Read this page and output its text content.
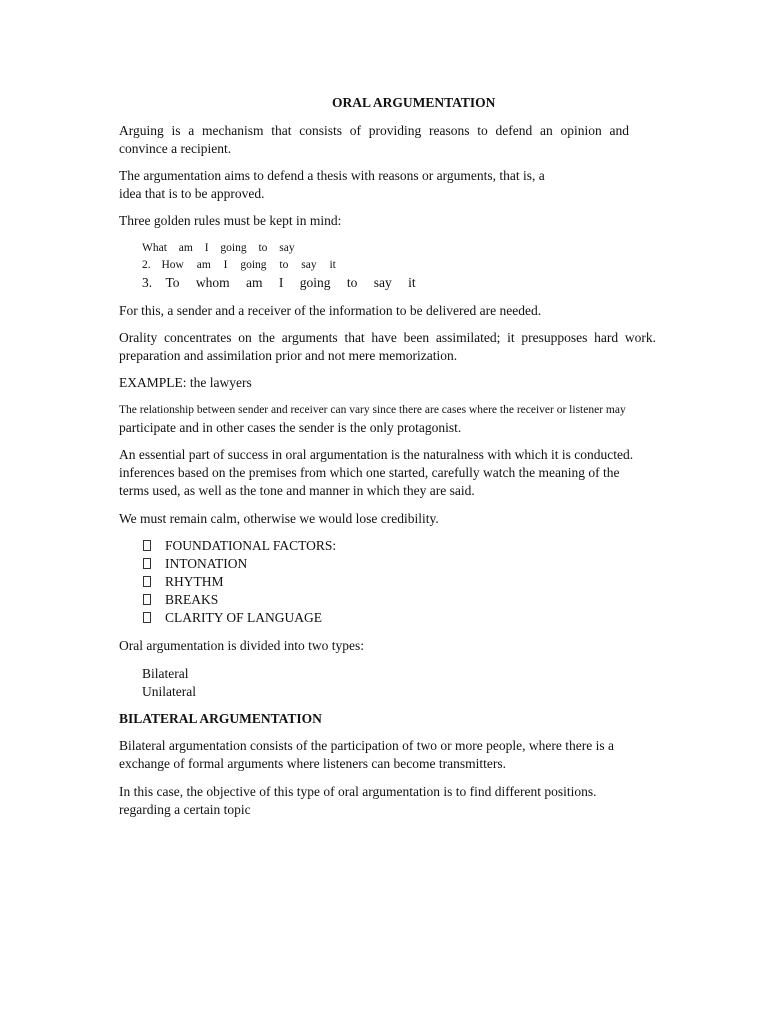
ORAL ARGUMENTATION
Arguing is a mechanism that consists of providing reasons to defend an opinion and
convince a recipient.
The argumentation aims to defend a thesis with reasons or arguments, that is, a
idea that is to be approved.
Three golden rules must be kept in mind:
What am I going to say
2. How am I going to say it
3. To whom am I going to say it
For this, a sender and a receiver of the information to be delivered are needed.
Orality concentrates on the arguments that have been assimilated; it presupposes hard work.
preparation and assimilation prior and not mere memorization.
EXAMPLE: the lawyers
The relationship between sender and receiver can vary since there are cases where the receiver or listener may
participate and in other cases the sender is the only protagonist.
An essential part of success in oral argumentation is the naturalness with which it is conducted.
inferences based on the premises from which one started, carefully watch the meaning of the
terms used, as well as the tone and manner in which they are said.
We must remain calm, otherwise we would lose credibility.
FOUNDATIONAL FACTORS:
INTONATION
RHYTHM
BREAKS
CLARITY OF LANGUAGE
Oral argumentation is divided into two types:
Bilateral
Unilateral
BILATERAL ARGUMENTATION
Bilateral argumentation consists of the participation of two or more people, where there is a
exchange of formal arguments where listeners can become transmitters.
In this case, the objective of this type of oral argumentation is to find different positions.
regarding a certain topic
